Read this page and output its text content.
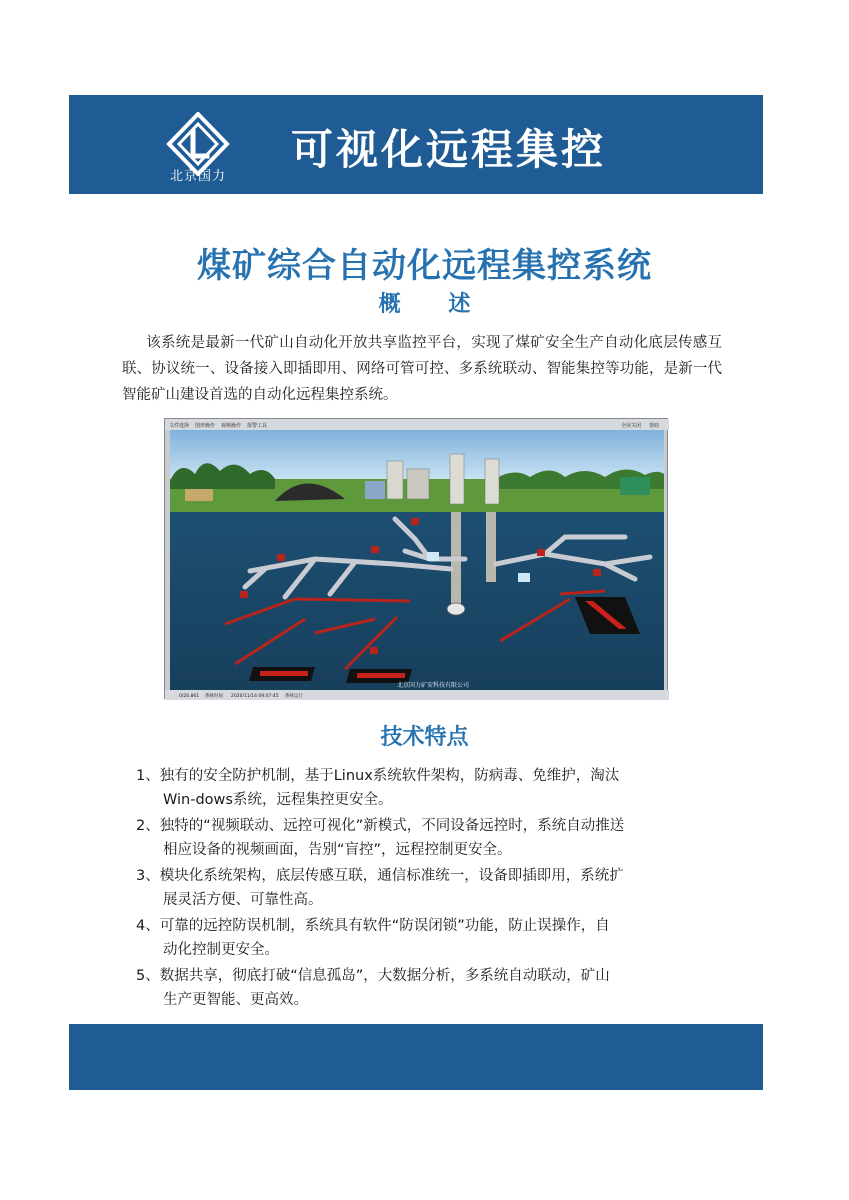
北京国力
可视化远程集控
煤矿综合自动化远程集控系统
概 述
该系统是最新一代矿山自动化开放共享监控平台，实现了煤矿安全生产自动化底层传感互联、协议统一、设备接入即插即用、网络可管可控、多系统联动、智能集控等功能，是新一代智能矿山建设首选的自动化远程集控系统。
文件选择 图形操作 视频操作 报警工具	全屏关闭 帮助
0/26.861 系统时间 2020/11/14 09:07:45 系统运行
北京国力矿安科技有限公司
技术特点
1、独有的安全防护机制，基于Linux系统软件架构，防病毒、免维护，淘汰
Win-dows系统，远程集控更安全。
2、独特的“视频联动、远控可视化”新模式，不同设备远控时，系统自动推送
相应设备的视频画面，告别“盲控”，远程控制更安全。
3、模块化系统架构，底层传感互联，通信标准统一，设备即插即用，系统扩
展灵活方便、可靠性高。
4、可靠的远控防误机制，系统具有软件“防误闭锁”功能，防止误操作，自
动化控制更安全。
5、数据共享，彻底打破“信息孤岛”，大数据分析，多系统自动联动，矿山
生产更智能、更高效。
